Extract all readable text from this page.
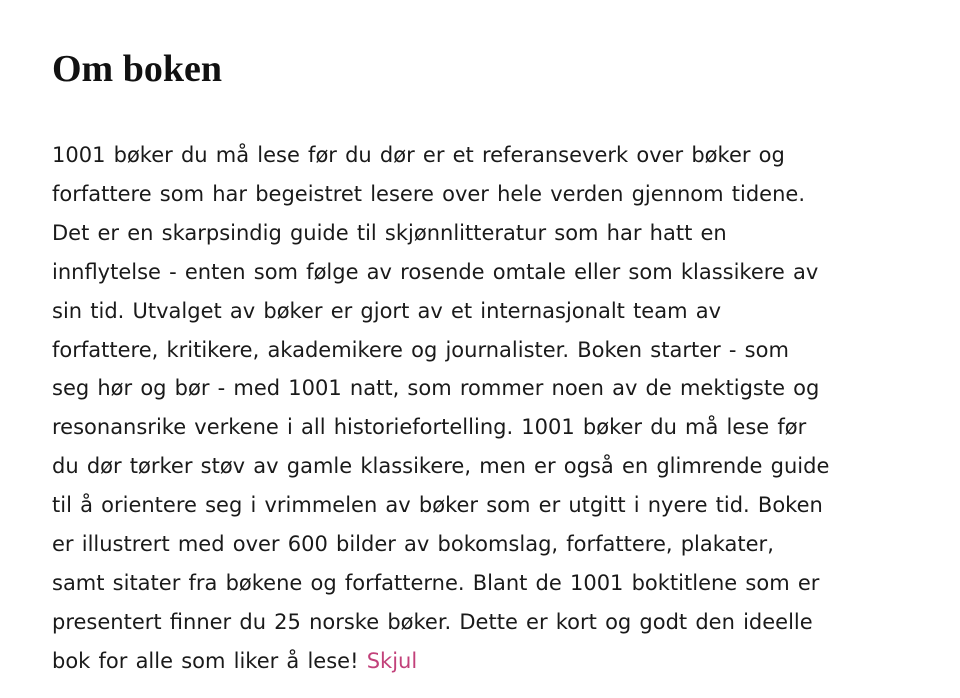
Om boken

1001 bøker du må lese før du dør er et referanseverk over bøker og
forfattere som har begeistret lesere over hele verden gjennom tidene.
Det er en skarpsindig guide til skjønnlitteratur som har hatt en
innflytelse - enten som følge av rosende omtale eller som klassikere av
sin tid. Utvalget av bøker er gjort av et internasjonalt team av
forfattere, kritikere, akademikere og journalister. Boken starter - som
seg hør og bør - med 1001 natt, som rommer noen av de mektigste og
resonansrike verkene i all historiefortelling. 1001 bøker du må lese før
du dør tørker støv av gamle klassikere, men er også en glimrende guide
til å orientere seg i vrimmelen av bøker som er utgitt i nyere tid. Boken
er illustrert med over 600 bilder av bokomslag, forfattere, plakater,
samt sitater fra bøkene og forfatterne. Blant de 1001 boktitlene som er
presentert finner du 25 norske bøker. Dette er kort og godt den ideelle
bok for alle som liker å lese! Skjul
